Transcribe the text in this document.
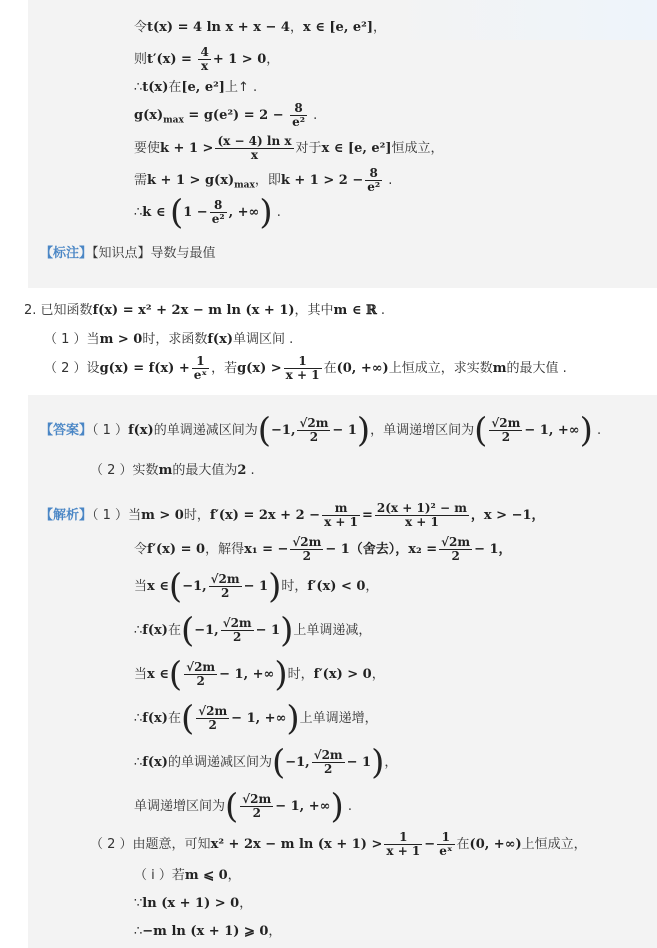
令t(x) = 4 ln x + x − 4，x ∈ [e, e²]，
则$t'(x) = \frac{4}{x} + 1 > 0$，
∴t(x)在[e, e²]上↑ .
$g(x)_{max} = g(e^2) = 2 - \frac{8}{\text{e²}}$ .
要使$k + 1 > \frac{\text{(x − 4) ln x}}{x}$ 对于x ∈ [e, e²]恒成立，
需$k + 1 > g(x)_{max}$，即$k + 1 > 2 - \frac{8}{\text{e²}}$ .
∴k ∈ ($1 - \frac{8}{\text{e²}}$ , +∞) .
【标注】【知识点】导数与最值
2. 已知函数f(x) = x² + 2x − m ln (x + 1)，其中m ∈ ℝ .
（ 1 ）当m > 0时，求函数f(x)单调区间 .
（ 2 ）设$g(x) = f(x) + \frac{1}{\text{eˣ}}$ ，若$g(x) > \frac{1}{x + 1}$ 在(0, +∞)上恒成立，求实数m的最大值 .
【答案】（ 1 ）f(x)的单调递减区间为(−1, $\frac{√2m}{2} - 1$)，单调递增区间为( $\frac{√2m}{2} - 1$, +∞) .
（ 2 ）实数m的最大值为2 .
【解析】（ 1 ）当m > 0时，$f'(x) = 2x + 2 - \frac{m}{x + 1} = \frac{\text{2(x + 1)² − m}}{x + 1}$ ，x > −1，
令f′(x) = 0，解得x₁ = − $\frac{√2m}{2} - 1$（舍去），$x_2 = \frac{√2m}{2} - 1$，
当x ∈(−1, $\frac{√2m}{2} - 1$)时，f′(x) < 0，
∴f(x)在(−1, $\frac{√2m}{2} - 1$)上单调递减，
当x ∈( $\frac{√2m}{2} - 1$, +∞)时，f′(x) > 0，
∴f(x)在( $\frac{√2m}{2} - 1$, +∞)上单调递增，
∴f(x)的单调递减区间为(−1, $\frac{√2m}{2} - 1$)，
单调递增区间为( $\frac{√2m}{2} - 1$, +∞) .
（ 2 ）由题意，可知x² + 2x − m $\ln (x + 1) > \frac{1}{x + 1} - \frac{1}{\text{eˣ}}$ 在(0, +∞)上恒成立，
（ i ）若m ⩽ 0，
∵ln (x + 1) > 0，
∴−m ln (x + 1) ⩾ 0，
